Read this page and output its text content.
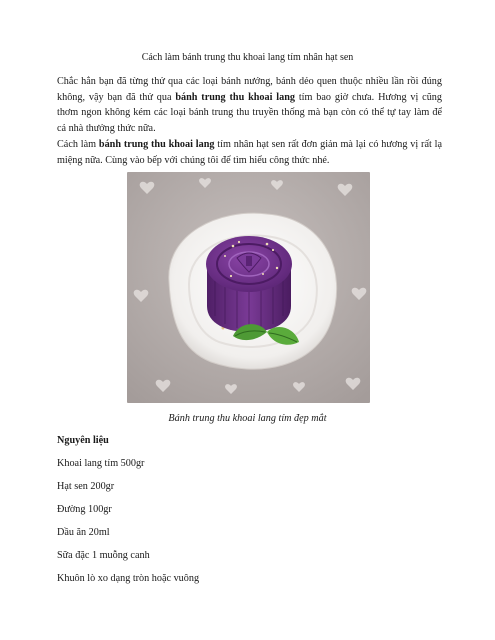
Cách làm bánh trung thu khoai lang tím nhân hạt sen

Chắc hẳn bạn đã từng thử qua các loại bánh nướng, bánh dẻo quen thuộc nhiều lần rồi đúng không, vậy bạn đã thử qua bánh trung thu khoai lang tím bao giờ chưa. Hương vị cũng thơm ngon không kém các loại bánh trung thu truyền thống mà bạn còn có thể tự tay làm để cả nhà thưởng thức nữa.

Cách làm bánh trung thu khoai lang tím nhân hạt sen rất đơn giản mà lại có hương vị rất lạ miệng nữa. Cùng vào bếp với chúng tôi để tìm hiểu công thức nhé.

Bánh trung thu khoai lang tím đẹp mắt
Nguyên liệu
Khoai lang tím 500gr
Hạt sen 200gr
Đường 100gr
Dầu ăn 20ml
Sữa đặc 1 muỗng canh
Khuôn lò xo dạng tròn hoặc vuông
